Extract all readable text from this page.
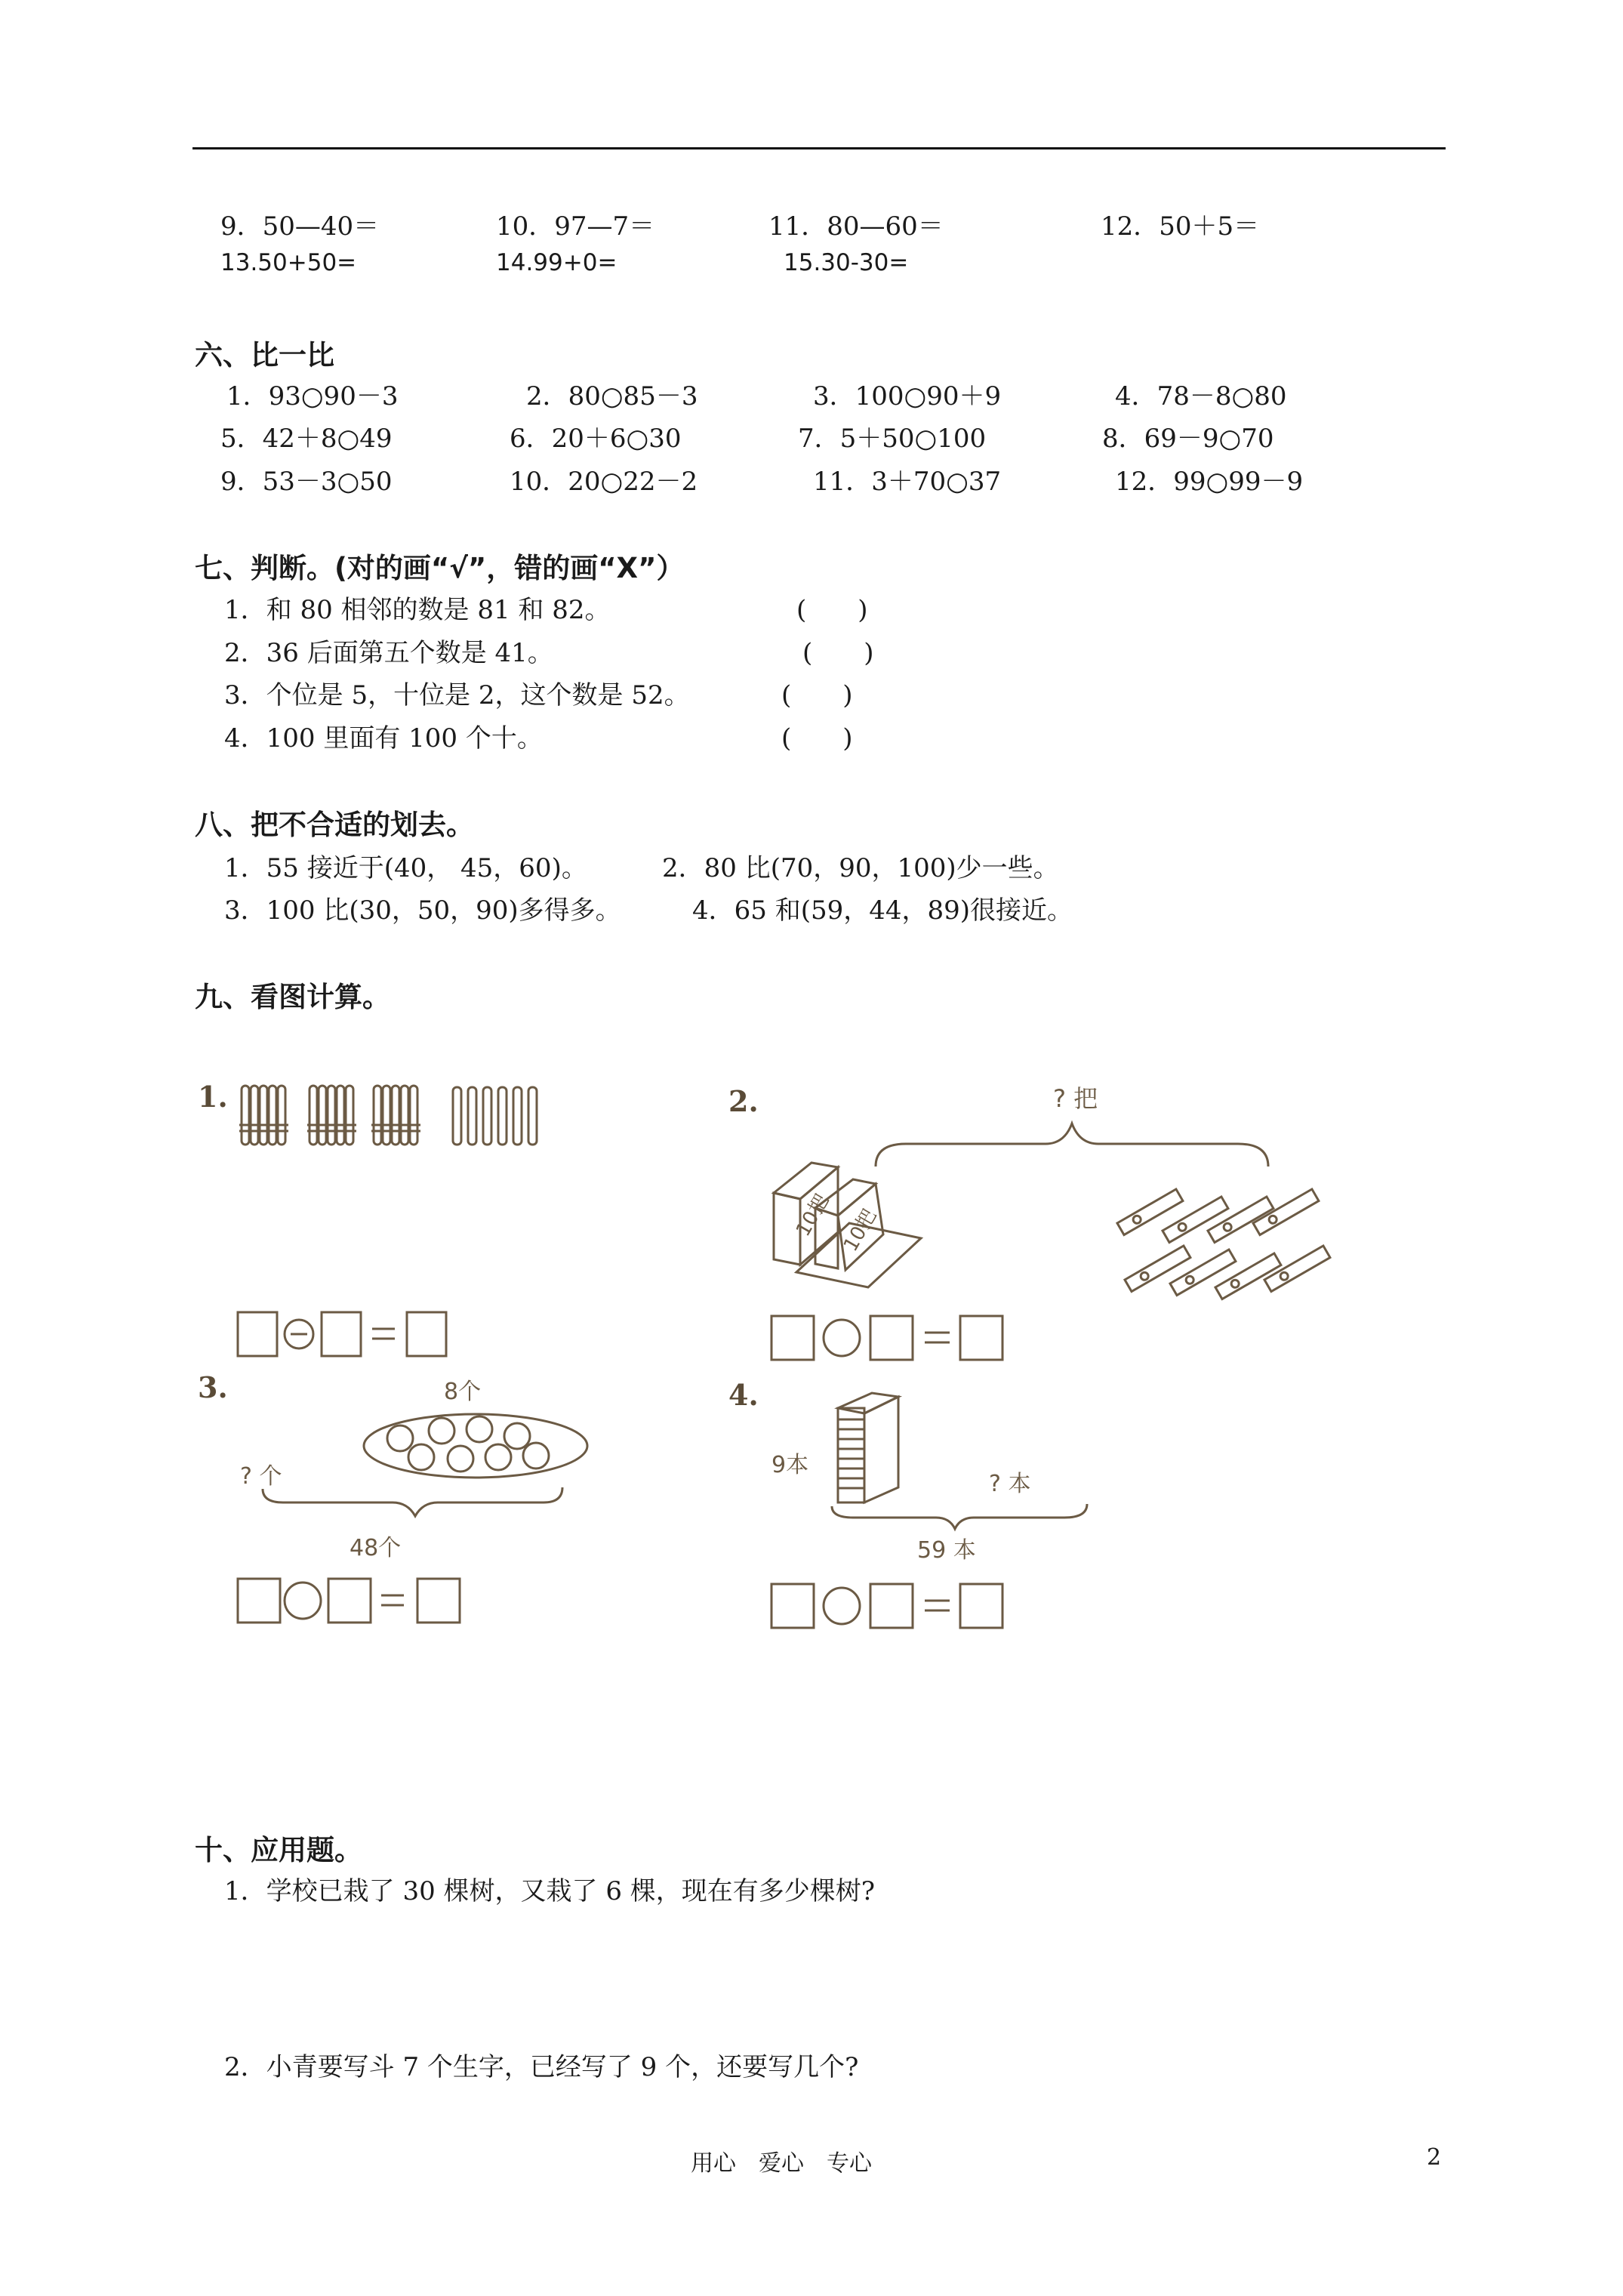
9．50—40＝	10．97—7＝	11．80—60＝	12．50＋5＝
13.50+50=	14.99+0=	15.30-30=
六、比一比
1．93○90－3	2．80○85－3	3．100○90＋9	4．78－8○80
5．42＋8○49	6．20＋6○30	7．5＋50○100	8．69－9○70
9．53－3○50	10．20○22－2	11．3＋70○37	12．99○99－9
七、判断。(对的画“√”，错的画“X”）
1．和 80 相邻的数是 81 和 82。	(　　)
2．36 后面第五个数是 41。	(　　)
3．个位是 5，十位是 2，这个数是 52。	(　　)
4．100 里面有 100 个十。	(　　)
八、把不合适的划去。
1．55 接近于(40， 45，60)。	2．80 比(70，90，100)少一些。
3．100 比(30，50，90)多得多。	4．65 和(59，44，89)很接近。
九、看图计算。
1.	2.
3.	4.
? 把
10把 10把
8个
? 个
48个
9本
? 本
59 本
十、应用题。
1．学校已栽了 30 棵树，又栽了 6 棵，现在有多少棵树?
2．小青要写斗 7 个生字，已经写了 9 个，还要写几个?
用心　爱心　专心	2
